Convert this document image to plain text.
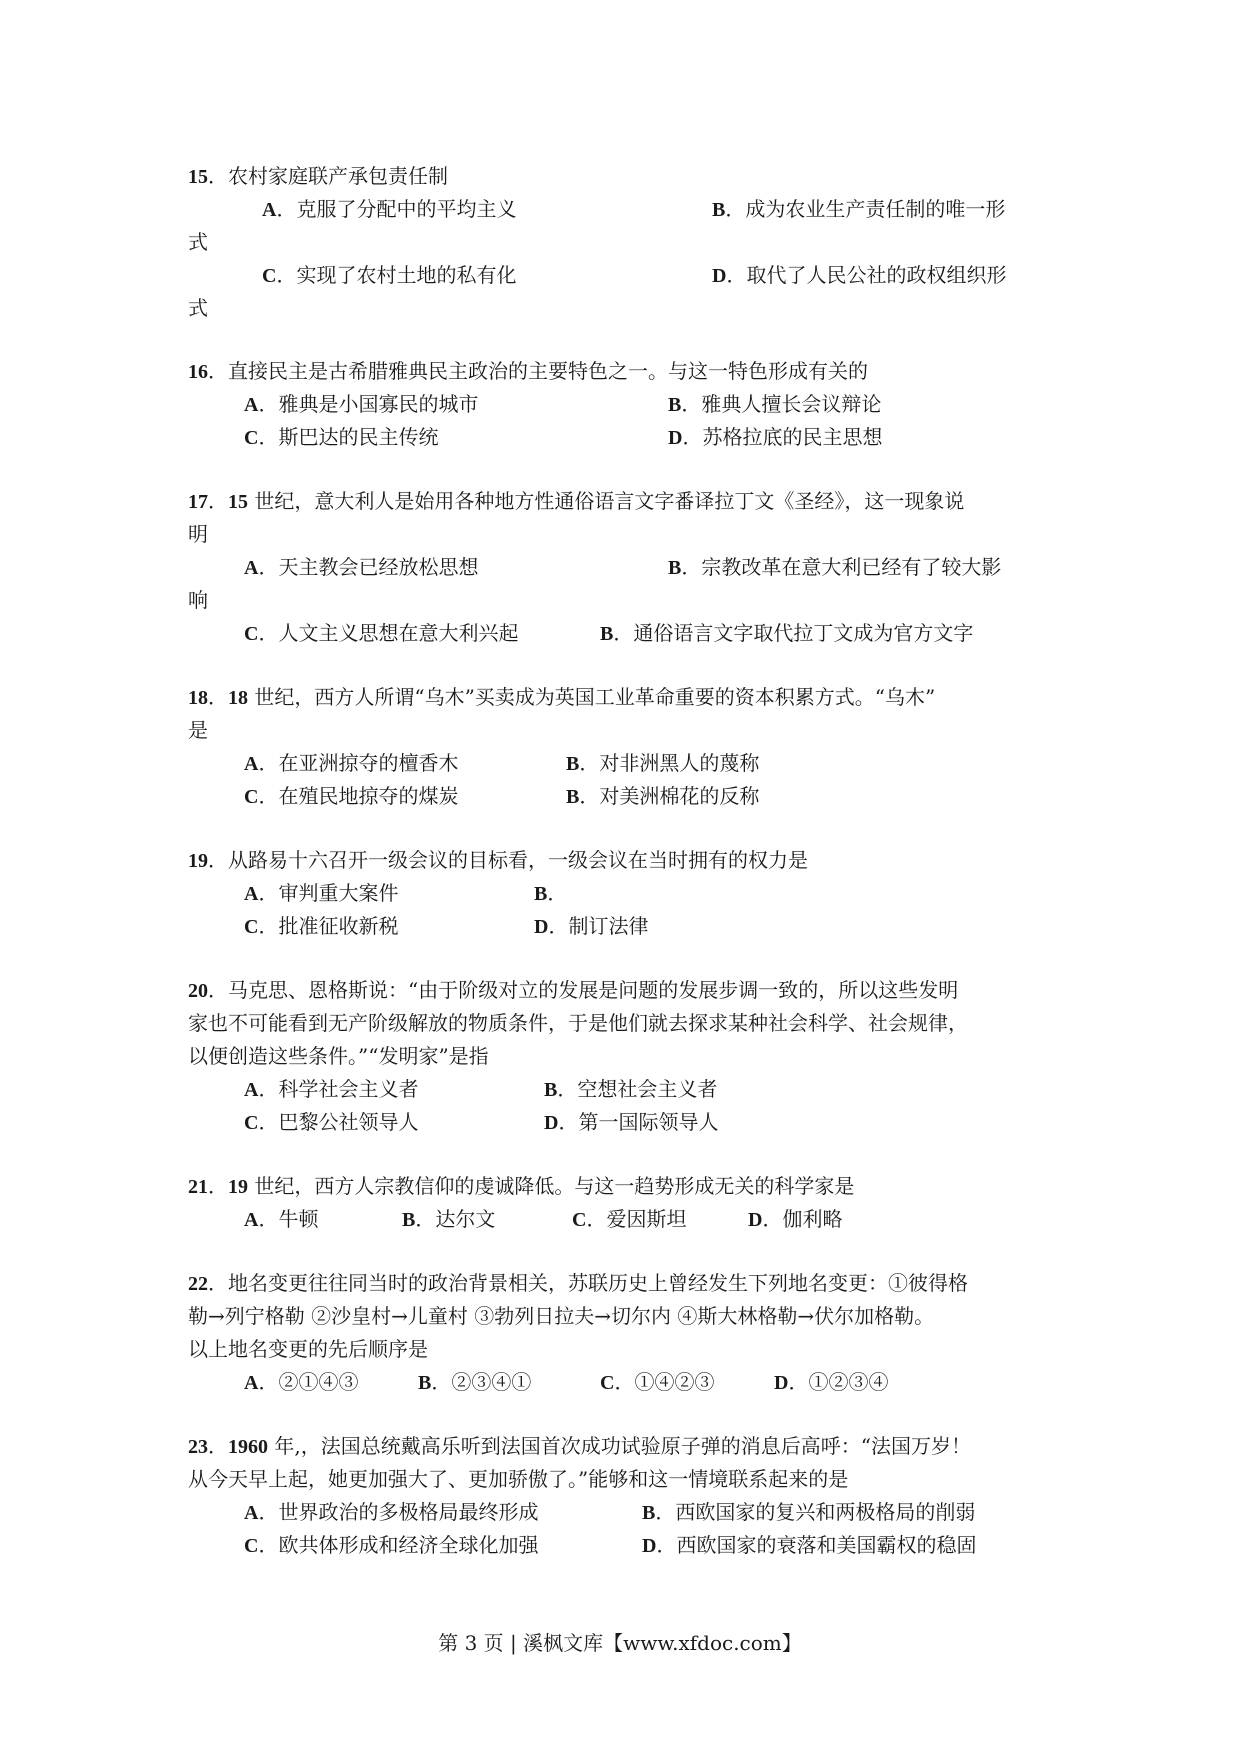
15．农村家庭联产承包责任制
A．克服了分配中的平均主义	B．成为农业生产责任制的唯一形
式
C．实现了农村土地的私有化	D．取代了人民公社的政权组织形
式
16．直接民主是古希腊雅典民主政治的主要特色之一。与这一特色形成有关的
A．雅典是小国寡民的城市	B．雅典人擅长会议辩论
C．斯巴达的民主传统	D．苏格拉底的民主思想
17．15 世纪，意大利人是始用各种地方性通俗语言文字番译拉丁文《圣经》，这一现象说
明
A．天主教会已经放松思想	B．宗教改革在意大利已经有了较大影
响
C．人文主义思想在意大利兴起	B．通俗语言文字取代拉丁文成为官方文字
18．18 世纪，西方人所谓“乌木”买卖成为英国工业革命重要的资本积累方式。“乌木”
是
A．在亚洲掠夺的檀香木	B．对非洲黑人的蔑称
C．在殖民地掠夺的煤炭	B．对美洲棉花的反称
19．从路易十六召开一级会议的目标看，一级会议在当时拥有的权力是
A．审判重大案件	B．
C．批准征收新税	D．制订法律
20．马克思、恩格斯说：“由于阶级对立的发展是问题的发展步调一致的，所以这些发明
家也不可能看到无产阶级解放的物质条件，于是他们就去探求某种社会科学、社会规律，
以便创造这些条件。”“发明家”是指
A．科学社会主义者	B．空想社会主义者
C．巴黎公社领导人	D．第一国际领导人
21．19 世纪，西方人宗教信仰的虔诚降低。与这一趋势形成无关的科学家是
A．牛顿	B．达尔文	C．爱因斯坦	D．伽利略
22．地名变更往往同当时的政治背景相关，苏联历史上曾经发生下列地名变更：①彼得格
勒→列宁格勒 ②沙皇村→儿童村 ③勃列日拉夫→切尔内 ④斯大林格勒→伏尔加格勒。
以上地名变更的先后顺序是
A．②①④③	B．②③④①	C．①④②③	D．①②③④
23．1960 年,，法国总统戴高乐听到法国首次成功试验原子弹的消息后高呼：“法国万岁！
从今天早上起，她更加强大了、更加骄傲了。”能够和这一情境联系起来的是
A．世界政治的多极格局最终形成	B．西欧国家的复兴和两极格局的削弱
C．欧共体形成和经济全球化加强	D．西欧国家的衰落和美国霸权的稳固
第 3 页 | 溪枫文库【www.xfdoc.com】
